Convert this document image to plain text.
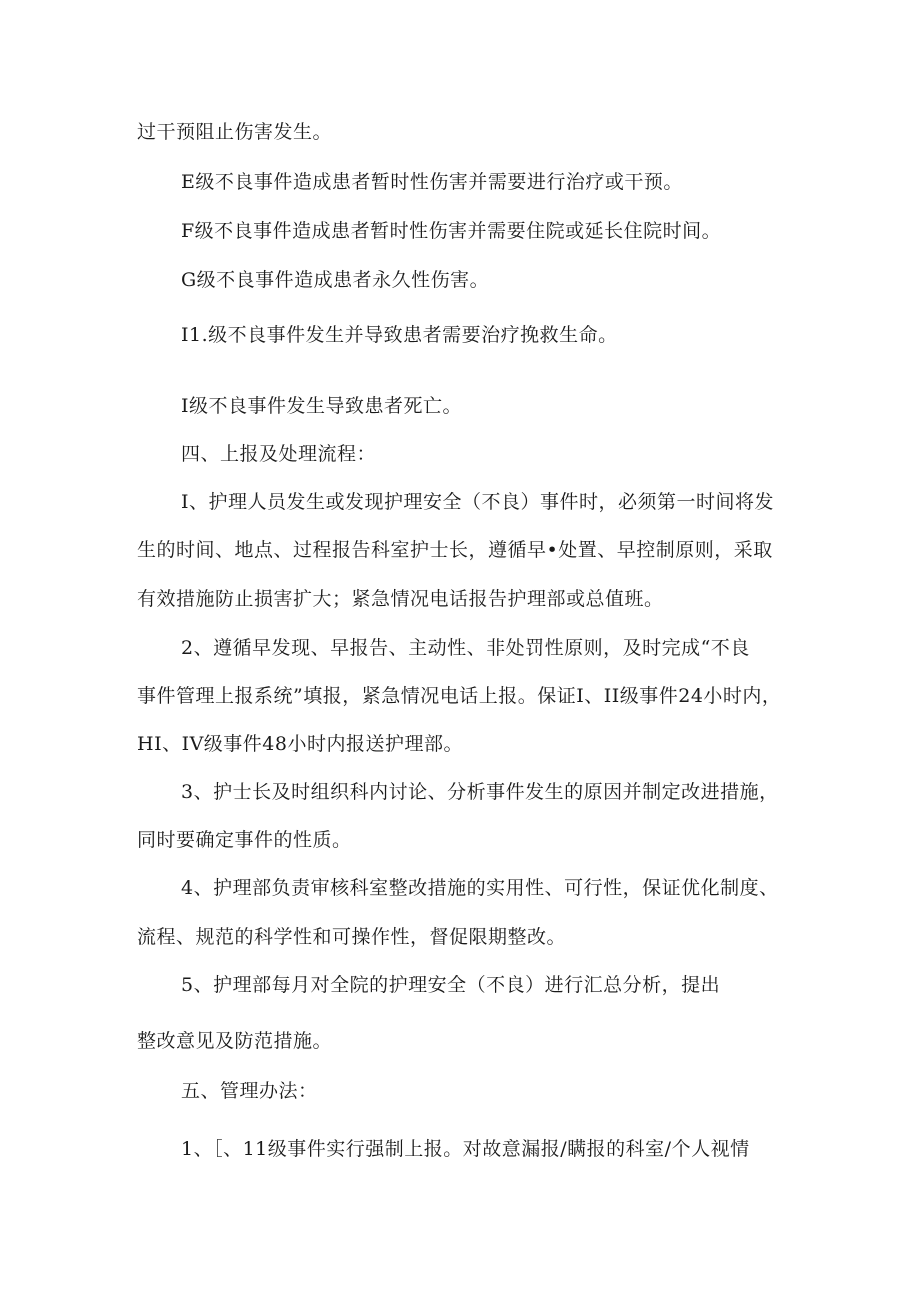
过干预阻止伤害发生。
E级不良事件造成患者暂时性伤害并需要进行治疗或干预。
F级不良事件造成患者暂时性伤害并需要住院或延长住院时间。
G级不良事件造成患者永久性伤害。
I1.级不良事件发生并导致患者需要治疗挽救生命。
I级不良事件发生导致患者死亡。
四、上报及处理流程：
I、护理人员发生或发现护理安全（不良）事件时，必须第一时间将发
生的时间、地点、过程报告科室护士长，遵循早•处置、早控制原则，采取
有效措施防止损害扩大；紧急情况电话报告护理部或总值班。
2、遵循早发现、早报告、主动性、非处罚性原则，及时完成“不良
事件管理上报系统”填报，紧急情况电话上报。保证I、II级事件24小时内，
HI、IV级事件48小时内报送护理部。
3、护士长及时组织科内讨论、分析事件发生的原因并制定改进措施，
同时要确定事件的性质。
4、护理部负责审核科室整改措施的实用性、可行性，保证优化制度、
流程、规范的科学性和可操作性，督促限期整改。
5、护理部每月对全院的护理安全（不良）进行汇总分析，提出
整改意见及防范措施。
五、管理办法：
1、［、11级事件实行强制上报。对故意漏报/瞒报的科室/个人视情
